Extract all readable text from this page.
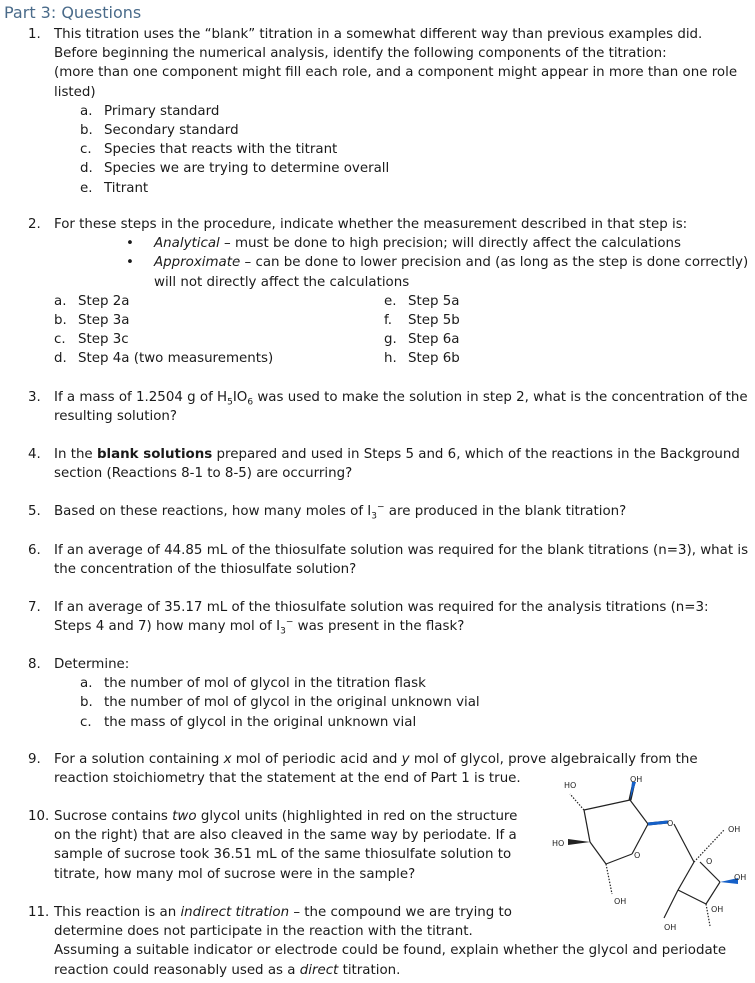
Part 3: Questions
1. This titration uses the “blank” titration in a somewhat different way than previous examples did. Before beginning the numerical analysis, identify the following components of the titration:
(more than one component might fill each role, and a component might appear in more than one role listed)
a. Primary standard
b. Secondary standard
c. Species that reacts with the titrant
d. Species we are trying to determine overall
e. Titrant
2. For these steps in the procedure, indicate whether the measurement described in that step is:
• Analytical – must be done to high precision; will directly affect the calculations
• Approximate – can be done to lower precision and (as long as the step is done correctly) will not directly affect the calculations
a. Step 2a	e. Step 5a
b. Step 3a	f. Step 5b
c. Step 3c	g. Step 6a
d. Step 4a (two measurements)	h. Step 6b
3. If a mass of 1.2504 g of $H_5IO_6$ was used to make the solution in step 2, what is the concentration of the resulting solution?
4. In the blank solutions prepared and used in Steps 5 and 6, which of the reactions in the Background section (Reactions 8-1 to 8-5) are occurring?
5. Based on these reactions, how many moles of $I_3^-$ are produced in the blank titration?
6. If an average of 44.85 mL of the thiosulfate solution was required for the blank titrations (n=3), what is the concentration of the thiosulfate solution?
7. If an average of 35.17 mL of the thiosulfate solution was required for the analysis titrations (n=3: Steps 4 and 7) how many mol of $I_3^-$ was present in the flask?
8. Determine:
a. the number of mol of glycol in the titration flask
b. the number of mol of glycol in the original unknown vial
c. the mass of glycol in the original unknown vial
9. For a solution containing x mol of periodic acid and y mol of glycol, prove algebraically from the reaction stoichiometry that the statement at the end of Part 1 is true.
10. Sucrose contains two glycol units (highlighted in red on the structure on the right) that are also cleaved in the same way by periodate. If a sample of sucrose took 36.51 mL of the same thiosulfate solution to titrate, how many mol of sucrose were in the sample?
11. This reaction is an indirect titration – the compound we are trying to determine does not participate in the reaction with the titrant.
Assuming a suitable indicator or electrode could be found, explain whether the glycol and periodate reaction could reasonably used as a direct titration.
HO
OH
HO
O
O
OH
OH
OH
O
OH
OH
